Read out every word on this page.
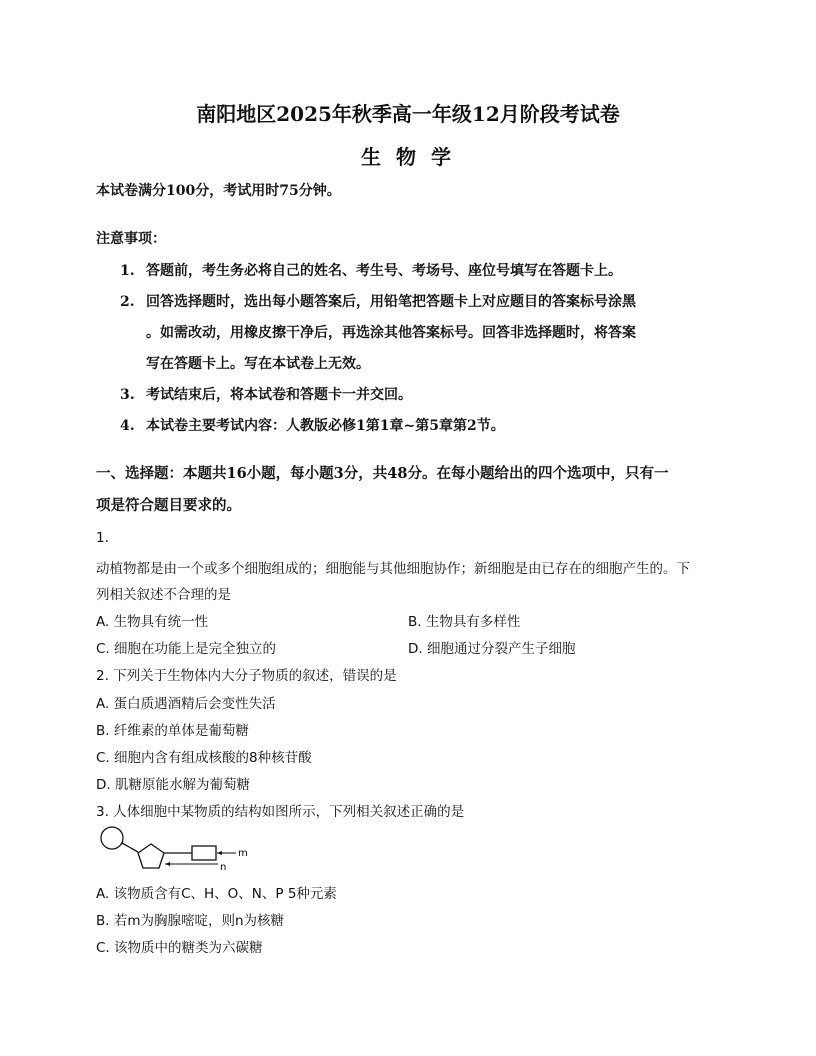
南阳地区2025年秋季高一年级12月阶段考试卷
生 物 学
本试卷满分100分，考试用时75分钟。
注意事项：
1. 答题前，考生务必将自己的姓名、考生号、考场号、座位号填写在答题卡上。
2. 回答选择题时，选出每小题答案后，用铅笔把答题卡上对应题目的答案标号涂黑
。如需改动，用橡皮擦干净后，再选涂其他答案标号。回答非选择题时，将答案
写在答题卡上。写在本试卷上无效。
3. 考试结束后，将本试卷和答题卡一并交回。
4. 本试卷主要考试内容：人教版必修1第1章~第5章第2节。
一、选择题：本题共16小题，每小题3分，共48分。在每小题给出的四个选项中，只有一
项是符合题目要求的。
1.
动植物都是由一个或多个细胞组成的；细胞能与其他细胞协作；新细胞是由已存在的细胞产生的。下
列相关叙述不合理的是
A. 生物具有统一性	B. 生物具有多样性
C. 细胞在功能上是完全独立的	D. 细胞通过分裂产生子细胞
2. 下列关于生物体内大分子物质的叙述，错误的是
A. 蛋白质遇酒精后会变性失活
B. 纤维素的单体是葡萄糖
C. 细胞内含有组成核酸的8种核苷酸
D. 肌糖原能水解为葡萄糖
3. 人体细胞中某物质的结构如图所示，下列相关叙述正确的是
m
n
A. 该物质含有C、H、O、N、P 5种元素
B. 若m为胸腺嘧啶，则n为核糖
C. 该物质中的糖类为六碳糖
